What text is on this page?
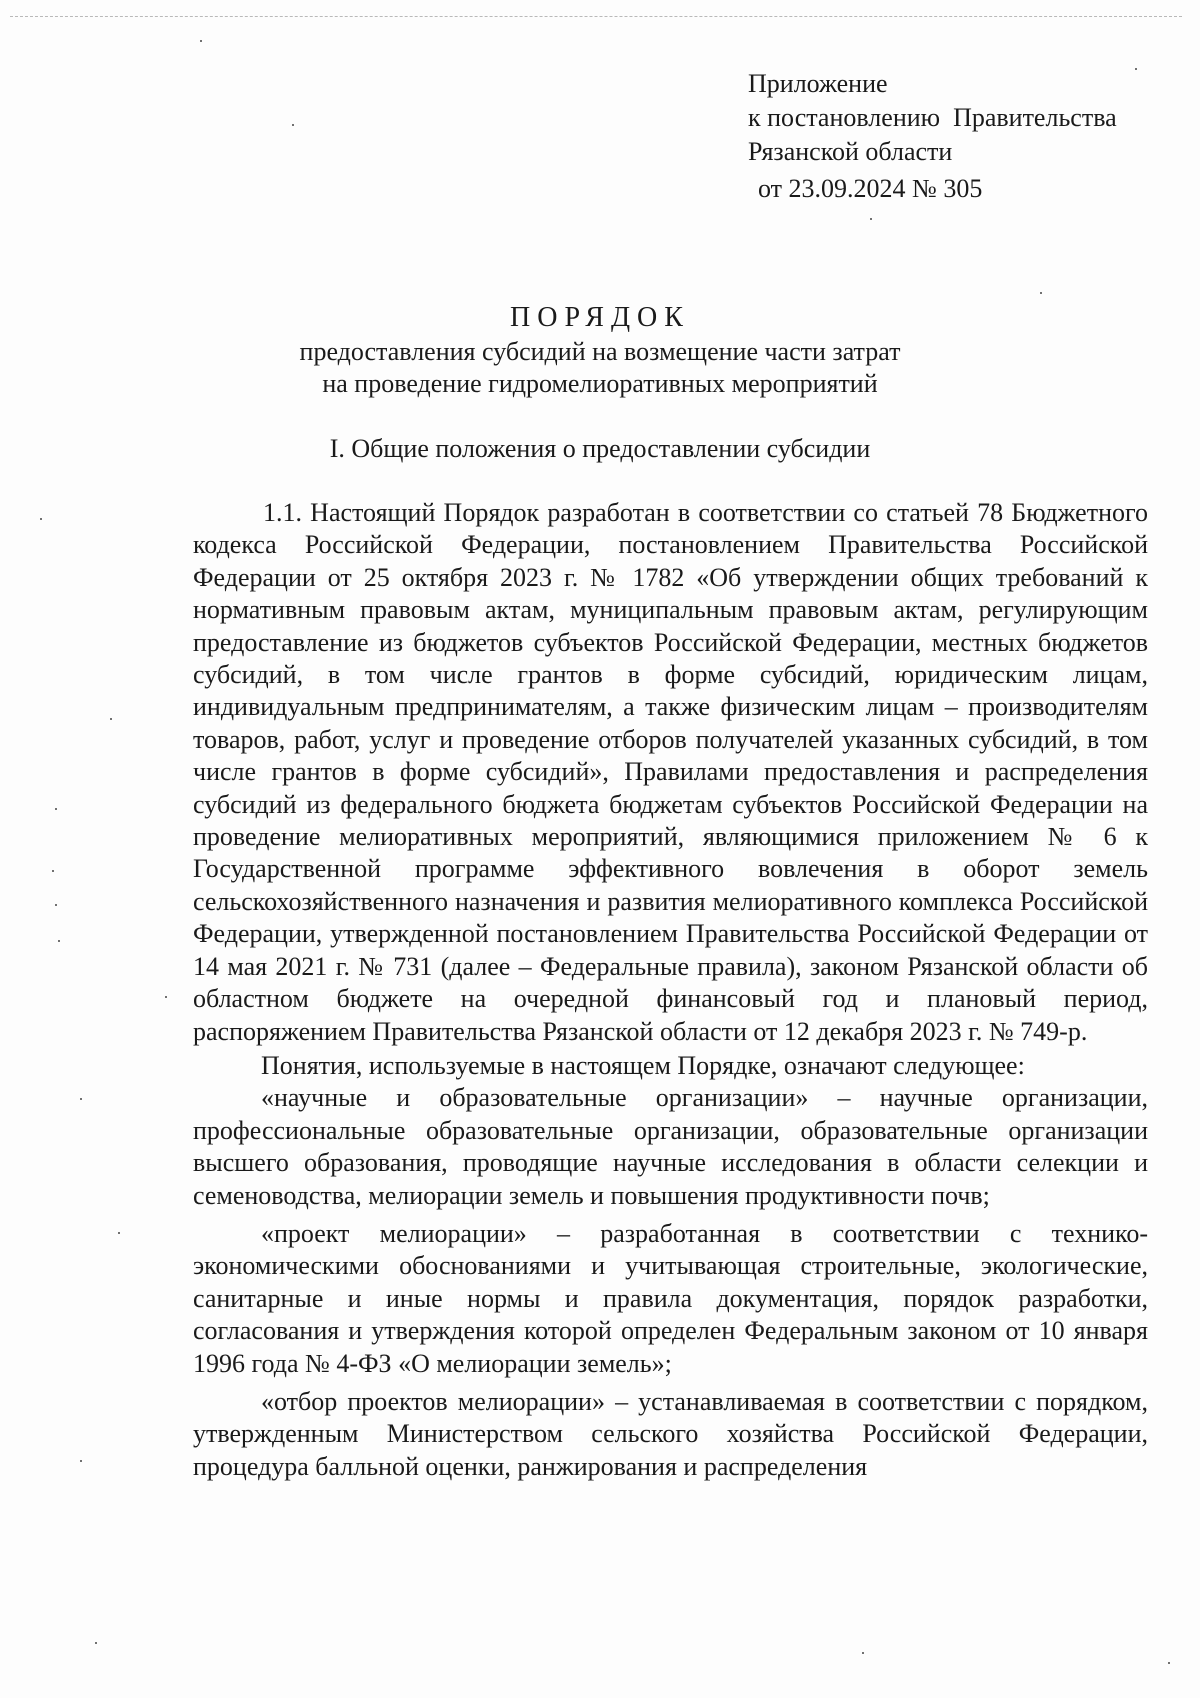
Приложение
к постановлению  Правительства
Рязанской области
от 23.09.2024 № 305
ПОРЯДОК
предоставления субсидий на возмещение части затрат
на проведение гидромелиоративных мероприятий
I. Общие положения о предоставлении субсидии

1.1. Настоящий Порядок разработан в соответствии со статьей 78 Бюджетного кодекса Российской Федерации, постановлением Правительства Российской Федерации от 25 октября 2023 г. № 1782 «Об утверждении общих требований к нормативным правовым актам, муниципальным правовым актам, регулирующим предоставление из бюджетов субъектов Российской Федерации, местных бюджетов субсидий, в том числе грантов в форме субсидий, юридическим лицам, индивидуальным предпринимателям, а также физическим лицам – производителям товаров, работ, услуг и проведение отборов получателей указанных субсидий, в том числе грантов в форме субсидий», Правилами предоставления и распределения субсидий из федерального бюджета бюджетам субъектов Российской Федерации на проведение мелиоративных мероприятий, являющимися приложением № 6 к Государственной программе эффективного вовлечения в оборот земель сельскохозяйственного назначения и развития мелиоративного комплекса Российской Федерации, утвержденной постановлением Правительства Российской Федерации от 14 мая 2021 г. № 731 (далее – Федеральные правила), законом Рязанской области об областном бюджете на очередной финансовый год и плановый период, распоряжением Правительства Рязанской области от 12 декабря 2023 г. № 749-р.

Понятия, используемые в настоящем Порядке, означают следующее:

«научные и образовательные организации» – научные организации, профессиональные образовательные организации, образовательные организации высшего образования, проводящие научные исследования в области селекции и семеноводства, мелиорации земель и повышения продуктивности почв;

«проект мелиорации» – разработанная в соответствии с технико-экономическими обоснованиями и учитывающая строительные, экологические, санитарные и иные нормы и правила документация, порядок разработки, согласования и утверждения которой определен Федеральным законом от 10 января 1996 года № 4-ФЗ «О мелиорации земель»;

«отбор проектов мелиорации» – устанавливаемая в соответствии с порядком, утвержденным Министерством сельского хозяйства Российской Федерации, процедура балльной оценки, ранжирования и распределения
